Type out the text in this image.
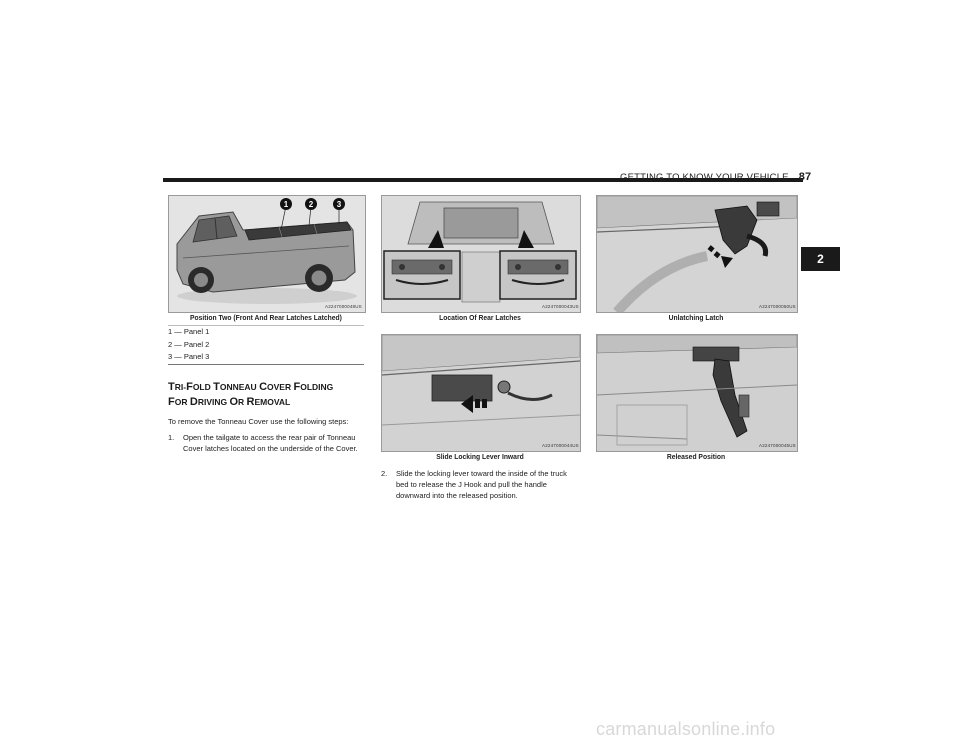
GETTING TO KNOW YOUR VEHICLE 87
2
1	2	3
A2247000048US
Position Two (Front And Rear Latches Latched)
1 — Panel 1
2 — Panel 2
3 — Panel 3
TRI-FOLD TONNEAU COVER FOLDING
FOR DRIVING OR REMOVAL
To remove the Tonneau Cover use the following steps:
1. Open the tailgate to access the rear pair of Tonneau
Cover latches located on the underside of the Cover.
A2247000043US
Location Of Rear Latches
A2247000050US
Unlatching Latch
A2247000044US
Slide Locking Lever Inward
2. Slide the locking lever toward the inside of the truck
bed to release the J Hook and pull the handle
downward into the released position.
A2247000045US
Released Position
carmanualsonline.info
